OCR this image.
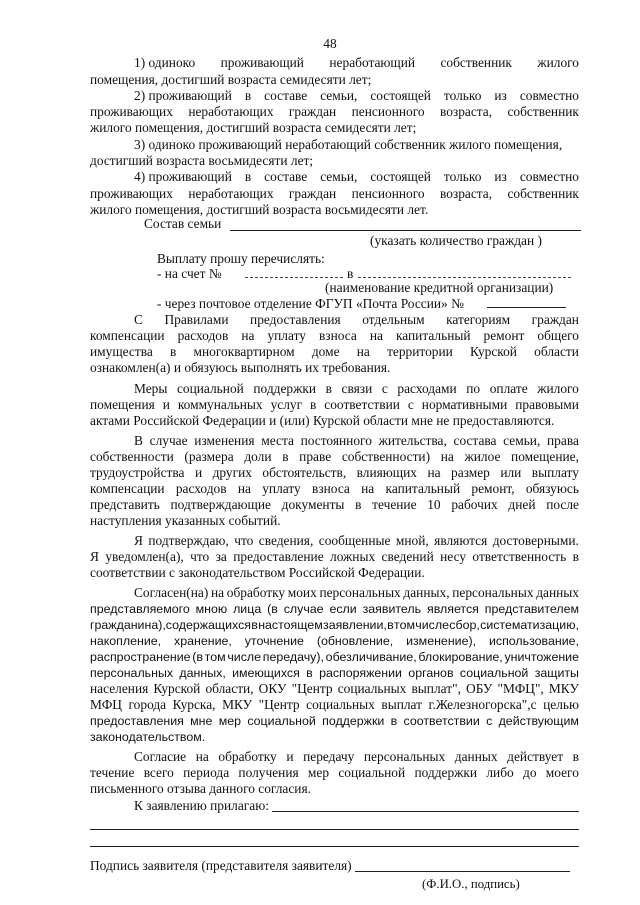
48
1) одиноко проживающий неработающий собственник жилого
помещения, достигший возраста семидесяти лет;
2) проживающий в составе семьи, состоящей только из совместно
проживающих неработающих граждан пенсионного возраста, собственник
жилого помещения, достигший возраста семидесяти лет;
3) одиноко проживающий неработающий собственник жилого помещения,
достигший возраста восьмидесяти лет;
4) проживающий в составе семьи, состоящей только из совместно
проживающих неработающих граждан пенсионного возраста, собственник
жилого помещения, достигший возраста восьмидесяти лет.
Состав семьи
(указать количество граждан )
Выплату прошу перечислять:
- на счет №	в
(наименование кредитной организации)
- через почтовое отделение ФГУП «Почта России» №
С Правилами предоставления отдельным категориям граждан
компенсации расходов на уплату взноса на капитальный ремонт общего
имущества в многоквартирном доме на территории Курской области
ознакомлен(а) и обязуюсь выполнять их требования.
Меры социальной поддержки в связи с расходами по оплате жилого
помещения и коммунальных услуг в соответствии с нормативными правовыми
актами Российской Федерации и (или) Курской области мне не предоставляются.
В случае изменения места постоянного жительства, состава семьи, права
собственности (размера доли в праве собственности) на жилое помещение,
трудоустройства и других обстоятельств, влияющих на размер или выплату
компенсации расходов на уплату взноса на капитальный ремонт, обязуюсь
представить подтверждающие документы в течение 10 рабочих дней после
наступления указанных событий.
Я подтверждаю, что сведения, сообщенные мной, являются достоверными.
Я уведомлен(а), что за предоставление ложных сведений несу ответственность в
соответствии с законодательством Российской Федерации.
Согласен(на) на обработку моих персональных данных, персональных данных
представляемого мною лица (в случае если заявитель является представителем
гражданина),содержащихся в настоящем заявлении, в том числе сбор, систематизацию,
накопление, хранение, уточнение (обновление, изменение), использование,
распространение (в том числе передачу), обезличивание, блокирование, уничтожение
персональных данных, имеющихся в распоряжении органов социальной защиты
населения Курской области, ОКУ "Центр социальных выплат", ОБУ "МФЦ", МКУ
МФЦ города Курска, МКУ "Центр социальных выплат г.Железногорска",с целью
предоставления мне мер социальной поддержки в соответствии с действующим
законодательством.
Согласие на обработку и передачу персональных данных действует в
течение всего периода получения мер социальной поддержки либо до моего
письменного отзыва данного согласия.
К заявлению прилагаю:
Подпись заявителя (представителя заявителя)
(Ф.И.О., подпись)
